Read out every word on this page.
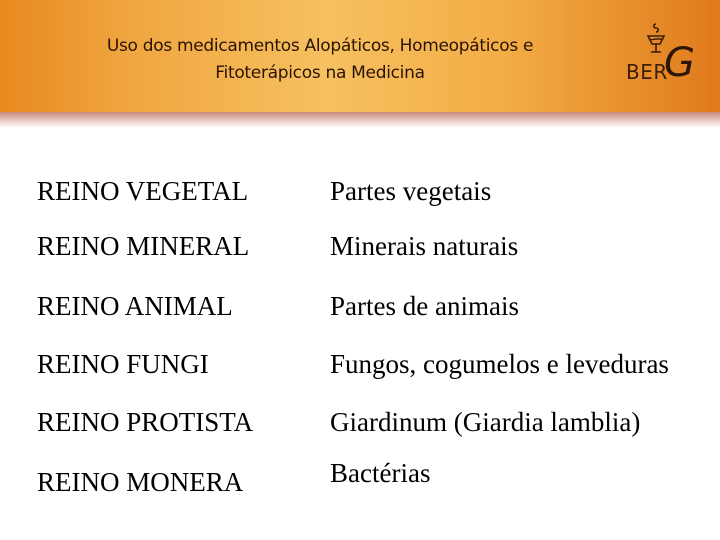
Uso dos medicamentos Alopáticos, Homeopáticos e
Fitoterápicos na Medicina	BER
G
REINO VEGETAL	Partes vegetais
REINO MINERAL	Minerais naturais
REINO ANIMAL	Partes de animais
REINO FUNGI	Fungos, cogumelos e leveduras
REINO PROTISTA	Giardinum (Giardia lamblia)
REINO MONERA	Bactérias
